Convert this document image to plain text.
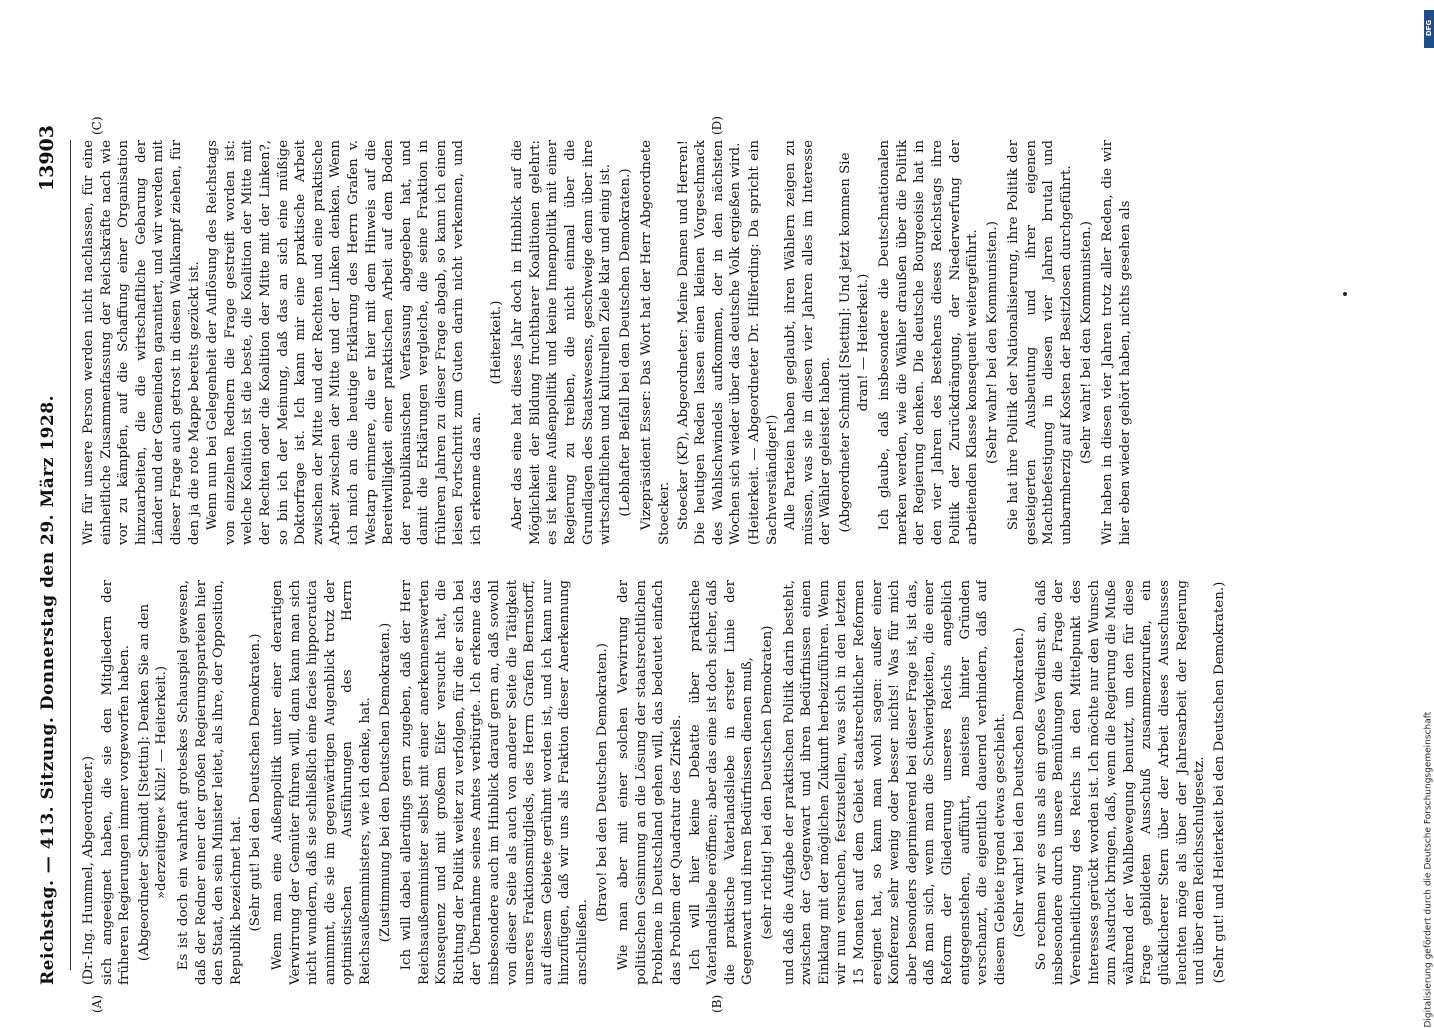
Reichstag. — 413. Sitzung. Donnerstag den 29. März 1928.
13903
(A)	(B)
(C)	(D)

(Dr.-Ing. Hummel, Abgeordneter.) sich angeeignet haben, die sie den Mitgliedern der früheren Regierungen immer vorgeworfen haben. (Abgeordneter Schmidt [Stettin]: Denken Sie an den »derzeitigen« Külz! — Heiterkeit.) Es ist doch ein wahrhaft groteskes Schauspiel gewesen, daß der Redner einer der großen Regierungsparteien hier den Staat, den sein Minister leitet, als ihre, der Opposition, Republik bezeichnet hat. (Sehr gut! bei den Deutschen Demokraten.) Wenn man eine Außenpolitik unter einer derartigen Verwirrung der Gemüter führen will, dann kann man sich nicht wundern, daß sie schließlich eine facies hippocratica annimmt, die sie im gegenwärtigen Augenblick trotz der optimistischen Ausführungen des Herrn Reichsaußenministers, wie ich denke, hat. (Zustimmung bei den Deutschen Demokraten.) Ich will dabei allerdings gern zugeben, daß der Herr Reichsaußenminister selbst mit einer anerkennenswerten Konsequenz und mit großem Eifer versucht hat, die Richtung der Politik weiter zu verfolgen, für die er sich bei der Übernahme seines Amtes verbürgte. Ich erkenne das insbesondere auch im Hinblick darauf gern an, daß sowohl von dieser Seite als auch von anderer Seite die Tätigkeit unseres Fraktionsmitglieds, des Herrn Grafen Bernstorff, auf diesem Gebiete gerühmt worden ist, und ich kann nur hinzufügen, daß wir uns als Fraktion dieser Anerkennung anschließen.

(Bravo! bei den Deutschen Demokraten.) Wie man aber mit einer solchen Verwirrung der politischen Gesinnung an die Lösung der staatsrechtlichen Probleme in Deutschland gehen will, das bedeutet einfach das Problem der Quadratur des Zirkels. Ich will hier keine Debatte über praktische Vaterlandsliebe eröffnen; aber das eine ist doch sicher, daß die praktische Vaterlandsliebe in erster Linie der Gegenwart und ihren Bedürfnissen dienen muß, (sehr richtig! bei den Deutschen Demokraten) und daß die Aufgabe der praktischen Politik darin besteht, zwischen der Gegenwart und ihren Bedürfnissen einen Einklang mit der möglichen Zukunft herbeizuführen. Wenn wir nun versuchen, festzustellen, was sich in den letzten 15 Monaten auf dem Gebiet staatsrechtlicher Reformen ereignet hat, so kann man wohl sagen: außer einer Konferenz sehr wenig oder besser nichts! Was für mich aber besonders deprimierend bei dieser Frage ist, ist das, daß man sich, wenn man die Schwierigkeiten, die einer Reform der Gliederung unseres Reichs angeblich entgegenstehen, aufführt, meistens hinter Gründen verschanzt, die eigentlich dauernd verhindern, daß auf diesem Gebiete irgend etwas geschieht. (Sehr wahr! bei den Deutschen Demokraten.) So rechnen wir es uns als ein großes Verdienst an, daß insbesondere durch unsere Bemühungen die Frage der Vereinheitlichung des Reichs in den Mittelpunkt des Interesses gerückt worden ist. Ich möchte nur den Wunsch zum Ausdruck bringen, daß, wenn die Regierung die Muße während der Wahlbewegung benutzt, um den für diese Frage gebildeten Ausschuß zusammenzurufen, ein glücklicherer Stern über der Arbeit dieses Ausschusses leuchten möge als über der Jahresarbeit der Regierung und über dem Reichsschulgesetz. (Sehr gut! und Heiterkeit bei den Deutschen Demokraten.)

Wir für unsere Person werden nicht nachlassen, für eine einheitliche Zusammenfassung der Reichskräfte nach wie vor zu kämpfen, auf die Schaffung einer Organisation hinzuarbeiten, die die wirtschaftliche Gebarung der Länder und der Gemeinden garantiert, und wir werden mit dieser Frage auch getrost in diesen Wahlkampf ziehen, für den ja die rote Mappe bereits gezückt ist. Wenn nun bei Gelegenheit der Auflösung des Reichstags von einzelnen Rednern die Frage gestreift worden ist: welche Koalition ist die beste, die Koalition der Mitte mit der Rechten oder die Koalition der Mitte mit der Linken?, so bin ich der Meinung, daß das an sich eine müßige Doktorfrage ist. Ich kann mir eine praktische Arbeit zwischen der Mitte und der Rechten und eine praktische Arbeit zwischen der Mitte und der Linken denken. Wenn ich mich an die heutige Erklärung des Herrn Grafen v. Westarp erinnere, die er hier mit dem Hinweis auf die Bereitwilligkeit einer praktischen Arbeit auf dem Boden der republikanischen Verfassung abgegeben hat, und damit die Erklärungen vergleiche, die seine Fraktion in früheren Jahren zu dieser Frage abgab, so kann ich einen leisen Fortschritt zum Guten darin nicht verkennen, und ich erkenne das an.

(Heiterkeit.) Aber das eine hat dieses Jahr doch in Hinblick auf die Möglichkeit der Bildung fruchtbarer Koalitionen gelehrt: es ist keine Außenpolitik und keine Innenpolitik mit einer Regierung zu treiben, die nicht einmal über die Grundlagen des Staatswesens, geschweige denn über ihre wirtschaftlichen und kulturellen Ziele klar und einig ist. (Lebhafter Beifall bei den Deutschen Demokraten.) Vizepräsident Esser: Das Wort hat der Herr Abgeordnete Stoecker. Stoecker (KP), Abgeordneter: Meine Damen und Herren! Die heutigen Reden lassen einen kleinen Vorgeschmack des Wahlschwindels aufkommen, der in den nächsten Wochen sich wieder über das deutsche Volk ergießen wird. (Heiterkeit. — Abgeordneter Dr. Hilferding: Da spricht ein Sachverständiger!) Alle Parteien haben geglaubt, ihren Wählern zeigen zu müssen, was sie in diesen vier Jahren alles im Interesse der Wähler geleistet haben. (Abgeordneter Schmidt [Stettin]: Und jetzt kommen Sie dran! — Heiterkeit.) Ich glaube, daß insbesondere die Deutschnationalen merken werden, wie die Wähler draußen über die Politik der Regierung denken. Die deutsche Bourgeoisie hat in den vier Jahren des Bestehens dieses Reichstags ihre Politik der Zurückdrängung, der Niederwerfung der arbeitenden Klasse konsequent weitergeführt. (Sehr wahr! bei den Kommunisten.) Sie hat ihre Politik der Nationalisierung, ihre Politik der gesteigerten Ausbeutung und ihrer eigenen Machtbefestigung in diesen vier Jahren brutal und unbarmherzig auf Kosten der Besitzlosen durchgeführt. (Sehr wahr! bei den Kommunisten.) Wir haben in diesen vier Jahren trotz aller Reden, die wir hier eben wieder gehört haben, nichts gesehen als

DFG
Digitalisierung gefördert durch die Deutsche Forschungsgemeinschaft
